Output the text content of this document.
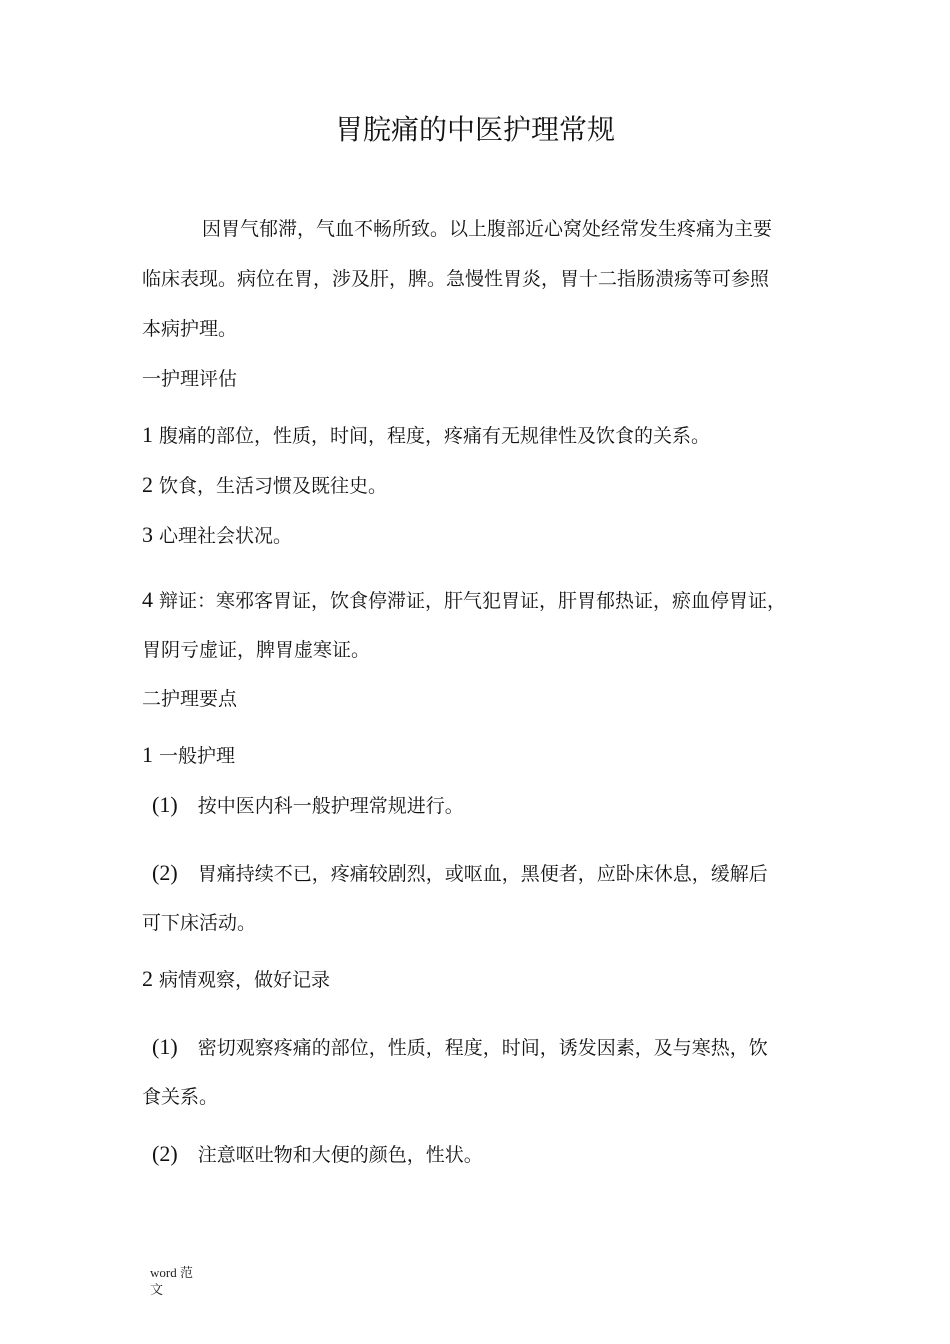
胃脘痛的中医护理常规
因胃气郁滞，气血不畅所致。以上腹部近心窝处经常发生疼痛为主要
临床表现。病位在胃，涉及肝，脾。急慢性胃炎，胃十二指肠溃疡等可参照
本病护理。
一护理评估
1 腹痛的部位，性质，时间，程度，疼痛有无规律性及饮食的关系。
2 饮食，生活习惯及既往史。
3 心理社会状况。
4 辩证：寒邪客胃证，饮食停滞证，肝气犯胃证，肝胃郁热证，瘀血停胃证，
胃阴亏虚证，脾胃虚寒证。
二护理要点
1 一般护理
(1) 按中医内科一般护理常规进行。
(2) 胃痛持续不已，疼痛较剧烈，或呕血，黑便者，应卧床休息，缓解后
可下床活动。
2 病情观察，做好记录
(1) 密切观察疼痛的部位，性质，程度，时间，诱发因素，及与寒热，饮
食关系。
(2) 注意呕吐物和大便的颜色，性状。
word 范
文
